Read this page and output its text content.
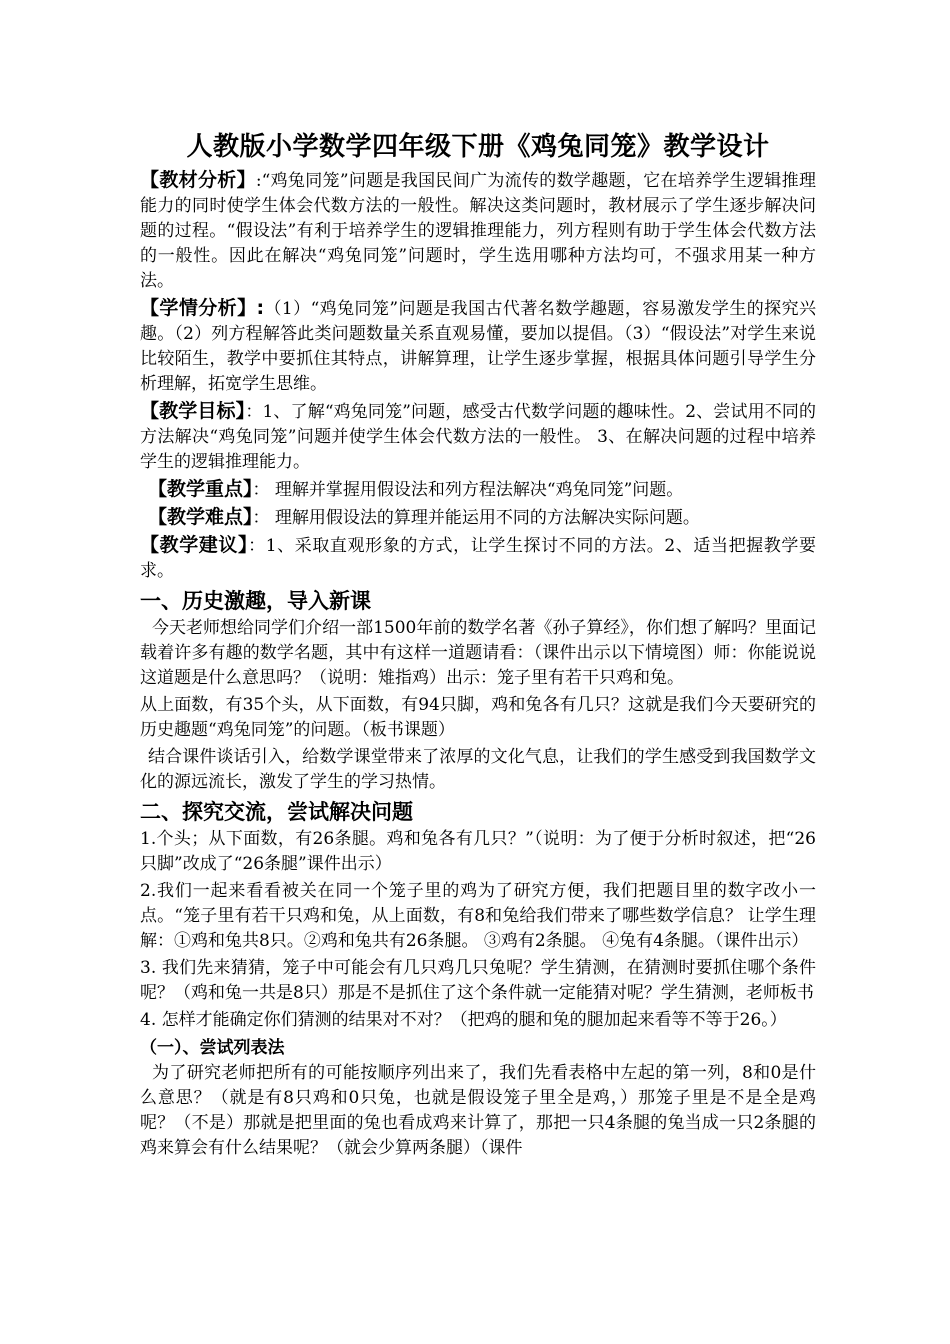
人教版小学数学四年级下册《鸡兔同笼》教学设计

【教材分析】:“鸡兔同笼”问题是我国民间广为流传的数学趣题，它在培养学生逻辑推理能力的同时使学生体会代数方法的一般性。解决这类问题时，教材展示了学生逐步解决问题的过程。“假设法”有利于培养学生的逻辑推理能力，列方程则有助于学生体会代数方法的一般性。因此在解决“鸡兔同笼”问题时，学生选用哪种方法均可，不强求用某一种方法。

【学情分析】:（1）“鸡兔同笼”问题是我国古代著名数学趣题，容易激发学生的探究兴趣。（2）列方程解答此类问题数量关系直观易懂，要加以提倡。（3）“假设法”对学生来说比较陌生，教学中要抓住其特点，讲解算理，让学生逐步掌握，根据具体问题引导学生分析理解，拓宽学生思维。

【教学目标】：1、了解“鸡兔同笼”问题，感受古代数学问题的趣味性。2、尝试用不同的方法解决“鸡兔同笼”问题并使学生体会代数方法的一般性。 3、在解决问题的过程中培养学生的逻辑推理能力。

【教学重点】： 理解并掌握用假设法和列方程法解决“鸡兔同笼”问题。

【教学难点】： 理解用假设法的算理并能运用不同的方法解决实际问题。

【教学建议】：1、采取直观形象的方式，让学生探讨不同的方法。2、适当把握教学要求。

一、历史激趣，导入新课

今天老师想给同学们介绍一部1500年前的数学名著《孙子算经》，你们想了解吗？里面记载着许多有趣的数学名题，其中有这样一道题请看：（课件出示以下情境图）师：你能说说这道题是什么意思吗？（说明：雉指鸡）出示：笼子里有若干只鸡和兔。

从上面数，有35个头，从下面数，有94只脚，鸡和兔各有几只？这就是我们今天要研究的历史趣题“鸡兔同笼”的问题。（板书课题）

结合课件谈话引入，给数学课堂带来了浓厚的文化气息，让我们的学生感受到我国数学文化的源远流长，激发了学生的学习热情。

二、探究交流，尝试解决问题

1.个头；从下面数，有26条腿。鸡和兔各有几只？”（说明：为了便于分析时叙述，把“26只脚”改成了“26条腿”课件出示）

2.我们一起来看看被关在同一个笼子里的鸡为了研究方便，我们把题目里的数字改小一点。“笼子里有若干只鸡和兔，从上面数，有8和兔给我们带来了哪些数学信息？ 让学生理解：①鸡和兔共8只。②鸡和兔共有26条腿。 ③鸡有2条腿。 ④兔有4条腿。（课件出示）

3. 我们先来猜猜，笼子中可能会有几只鸡几只兔呢？学生猜测，在猜测时要抓住哪个条件呢？（鸡和兔一共是8只）那是不是抓住了这个条件就一定能猜对呢？学生猜测，老师板书

4. 怎样才能确定你们猜测的结果对不对？（把鸡的腿和兔的腿加起来看等不等于26。）

（一）、尝试列表法

为了研究老师把所有的可能按顺序列出来了，我们先看表格中左起的第一列，8和0是什么意思？（就是有8只鸡和0只兔，也就是假设笼子里全是鸡，）那笼子里是不是全是鸡呢？（不是）那就是把里面的兔也看成鸡来计算了，那把一只4条腿的兔当成一只2条腿的鸡来算会有什么结果呢？（就会少算两条腿）（课件
